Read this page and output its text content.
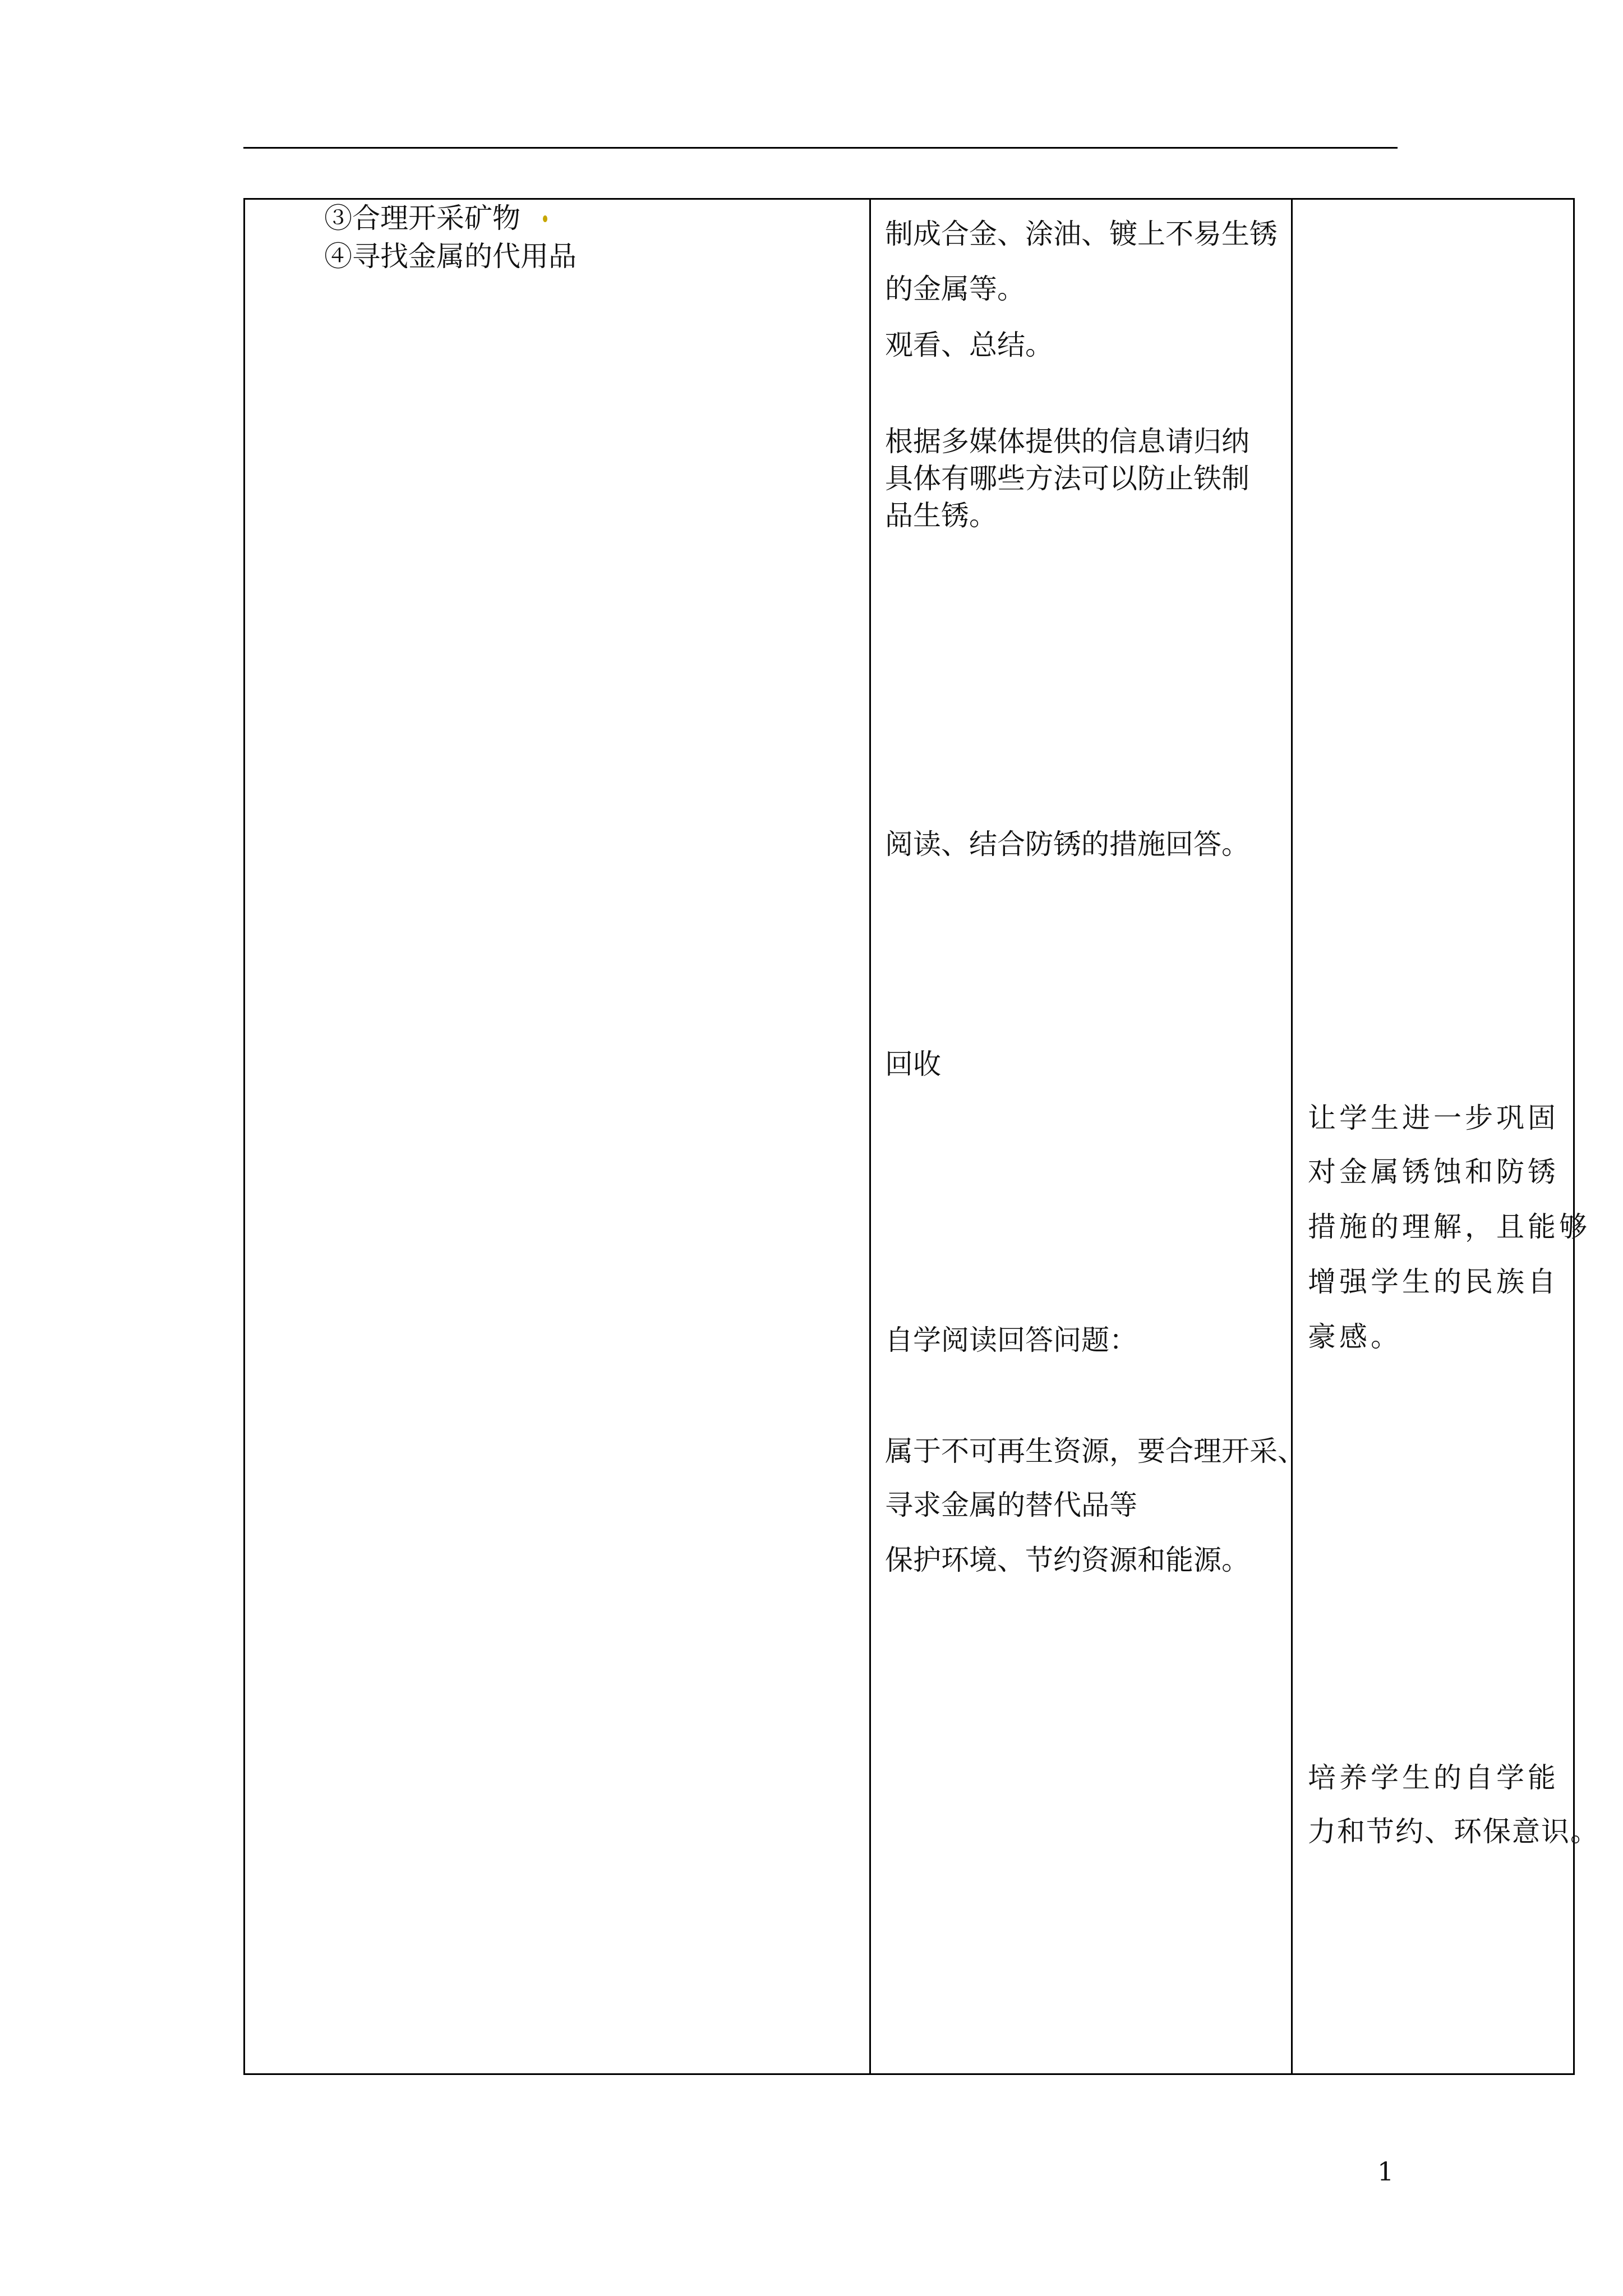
③合理开采矿物
④寻找金属的代用品
制成合金、涂油、镀上不易生锈
的金属等。
观看、总结。
根据多媒体提供的信息请归纳
具体有哪些方法可以防止铁制
品生锈。
阅读、结合防锈的措施回答。
回收
自学阅读回答问题：
属于不可再生资源，要合理开采、
寻求金属的替代品等
保护环境、节约资源和能源。
让学生进一步巩固
对金属锈蚀和防锈
措施的理解，且能够
增强学生的民族自
豪感。
培养学生的自学能
力和节约、环保意识。
1
